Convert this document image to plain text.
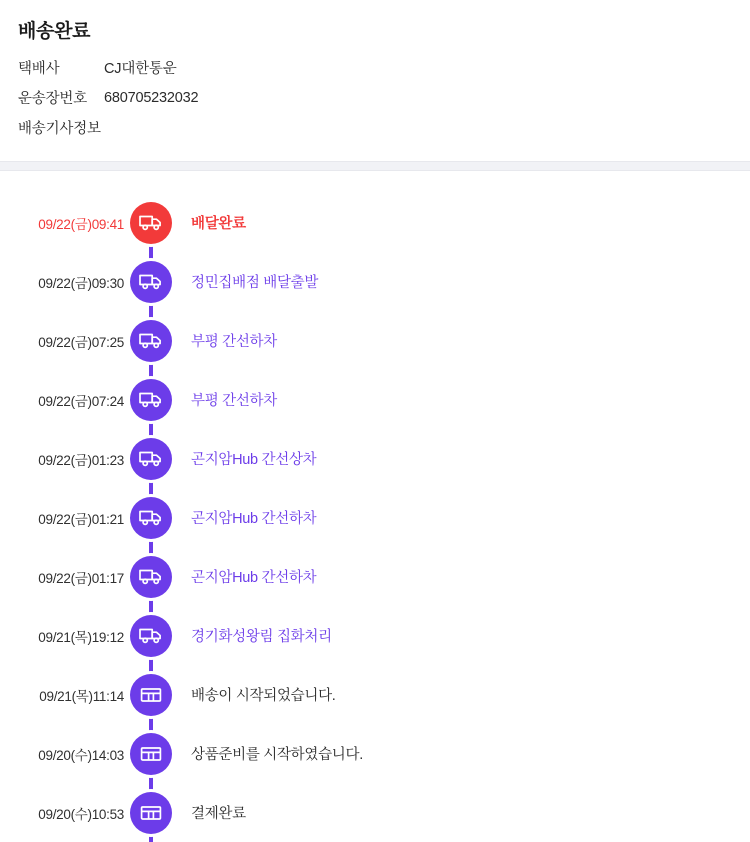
배송완료
택배사	CJ대한통운
운송장번호	680705232032
배송기사정보
09/22(금)09:41	배달완료
09/22(금)09:30	정민집배점 배달출발
09/22(금)07:25	부평 간선하차
09/22(금)07:24	부평 간선하차
09/22(금)01:23	곤지암Hub 간선상차
09/22(금)01:21	곤지암Hub 간선하차
09/22(금)01:17	곤지암Hub 간선하차
09/21(목)19:12	경기화성왕림 집화처리
09/21(목)11:14	배송이 시작되었습니다.
09/20(수)14:03	상품준비를 시작하였습니다.
09/20(수)10:53	결제완료
